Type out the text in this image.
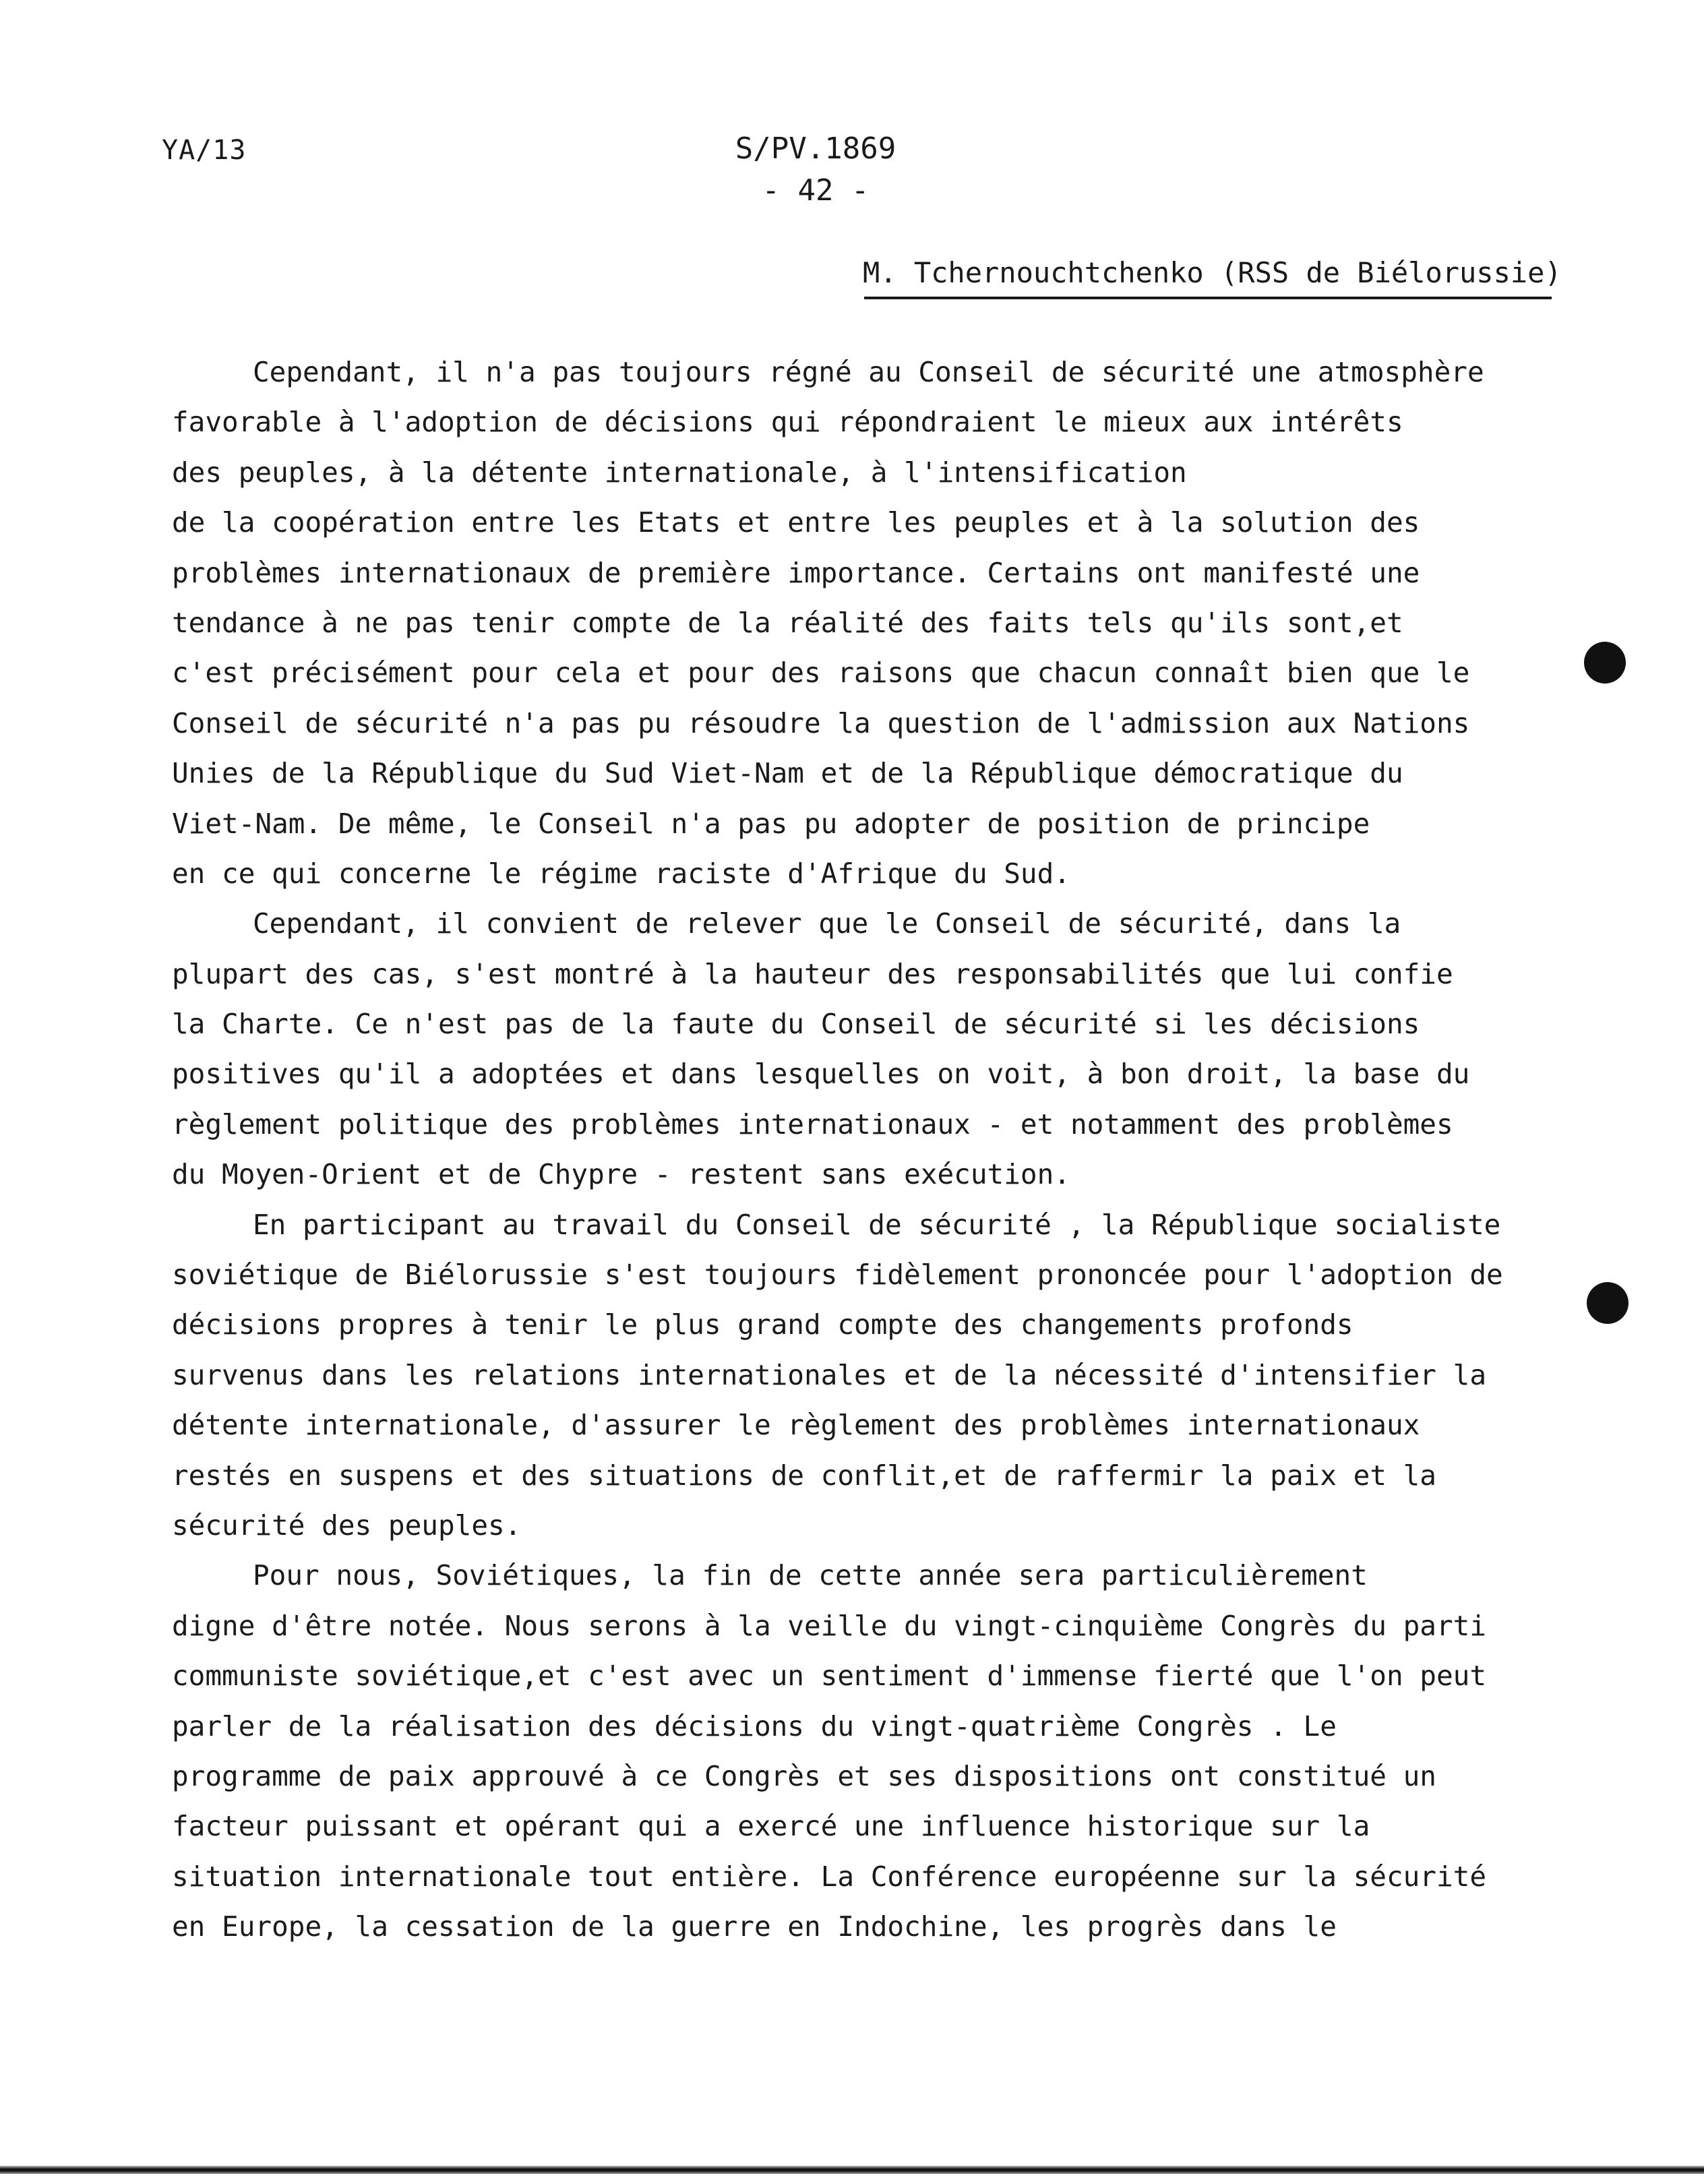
YA/13	S/PV.1869
- 42 -
M. Tchernouchtchenko (RSS de Biélorussie)
Cependant, il n'a pas toujours régné au Conseil de sécurité une atmosphère
favorable à l'adoption de décisions qui répondraient le mieux aux intérêts
des peuples, à la détente internationale, à l'intensification
de la coopération entre les Etats et entre les peuples et à la solution des
problèmes internationaux de première importance. Certains ont manifesté une
tendance à ne pas tenir compte de la réalité des faits tels qu'ils sont,et
c'est précisément pour cela et pour des raisons que chacun connaît bien que le
Conseil de sécurité n'a pas pu résoudre la question de l'admission aux Nations
Unies de la République du Sud Viet-Nam et de la République démocratique du
Viet-Nam. De même, le Conseil n'a pas pu adopter de position de principe
en ce qui concerne le régime raciste d'Afrique du Sud.
Cependant, il convient de relever que le Conseil de sécurité, dans la
plupart des cas, s'est montré à la hauteur des responsabilités que lui confie
la Charte. Ce n'est pas de la faute du Conseil de sécurité si les décisions
positives qu'il a adoptées et dans lesquelles on voit, à bon droit, la base du
règlement politique des problèmes internationaux - et notamment des problèmes
du Moyen-Orient et de Chypre - restent sans exécution.
En participant au travail du Conseil de sécurité , la République socialiste
soviétique de Biélorussie s'est toujours fidèlement prononcée pour l'adoption de
décisions propres à tenir le plus grand compte des changements profonds
survenus dans les relations internationales et de la nécessité d'intensifier la
détente internationale, d'assurer le règlement des problèmes internationaux
restés en suspens et des situations de conflit,et de raffermir la paix et la
sécurité des peuples.
Pour nous, Soviétiques, la fin de cette année sera particulièrement
digne d'être notée. Nous serons à la veille du vingt-cinquième Congrès du parti
communiste soviétique,et c'est avec un sentiment d'immense fierté que l'on peut
parler de la réalisation des décisions du vingt-quatrième Congrès . Le
programme de paix approuvé à ce Congrès et ses dispositions ont constitué un
facteur puissant et opérant qui a exercé une influence historique sur la
situation internationale tout entière. La Conférence européenne sur la sécurité
en Europe, la cessation de la guerre en Indochine, les progrès dans le
